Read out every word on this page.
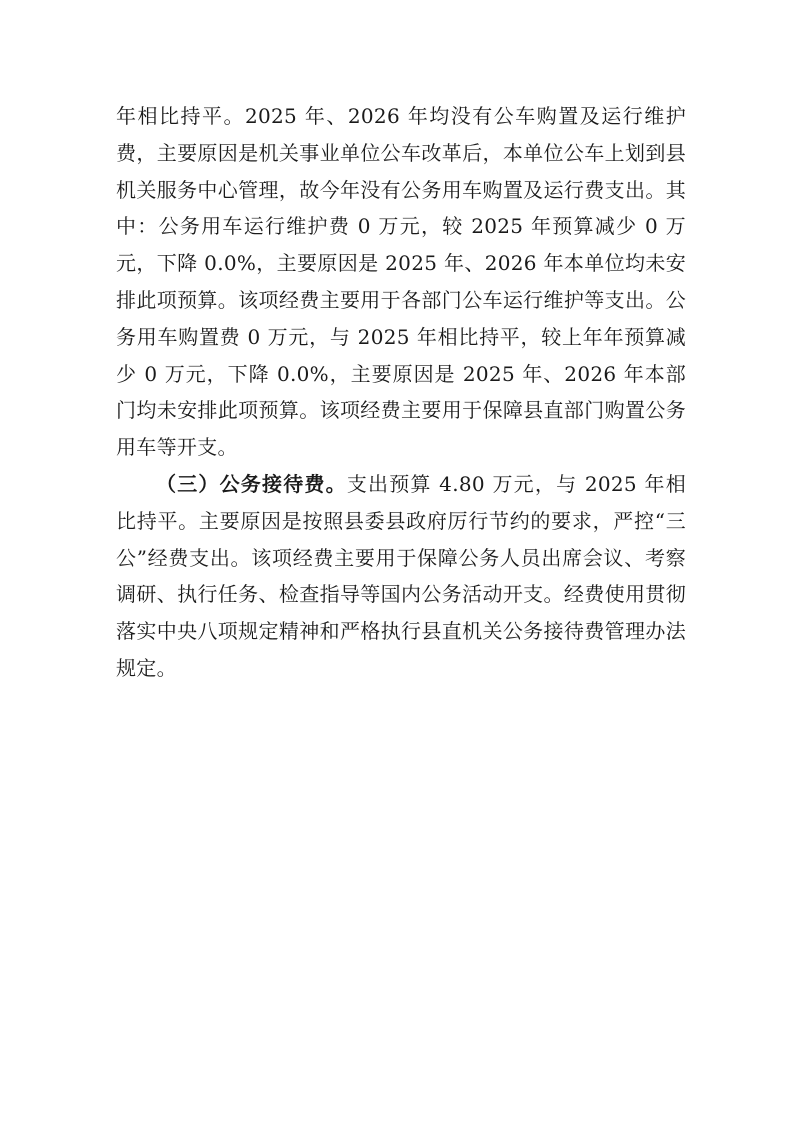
年相比持平。2025 年、2026 年均没有公车购置及运行维护费，主要原因是机关事业单位公车改革后，本单位公车上划到县机关服务中心管理，故今年没有公务用车购置及运行费支出。其中：公务用车运行维护费 0 万元，较 2025 年预算减少 0 万元，下降 0.0%，主要原因是 2025 年、2026 年本单位均未安排此项预算。该项经费主要用于各部门公车运行维护等支出。公务用车购置费 0 万元，与 2025 年相比持平，较上年年预算减少 0 万元，下降 0.0%，主要原因是 2025 年、2026 年本部门均未安排此项预算。该项经费主要用于保障县直部门购置公务用车等开支。

（三）公务接待费。支出预算 4.80 万元，与 2025 年相比持平。主要原因是按照县委县政府厉行节约的要求，严控“三公”经费支出。该项经费主要用于保障公务人员出席会议、考察调研、执行任务、检查指导等国内公务活动开支。经费使用贯彻落实中央八项规定精神和严格执行县直机关公务接待费管理办法规定。
